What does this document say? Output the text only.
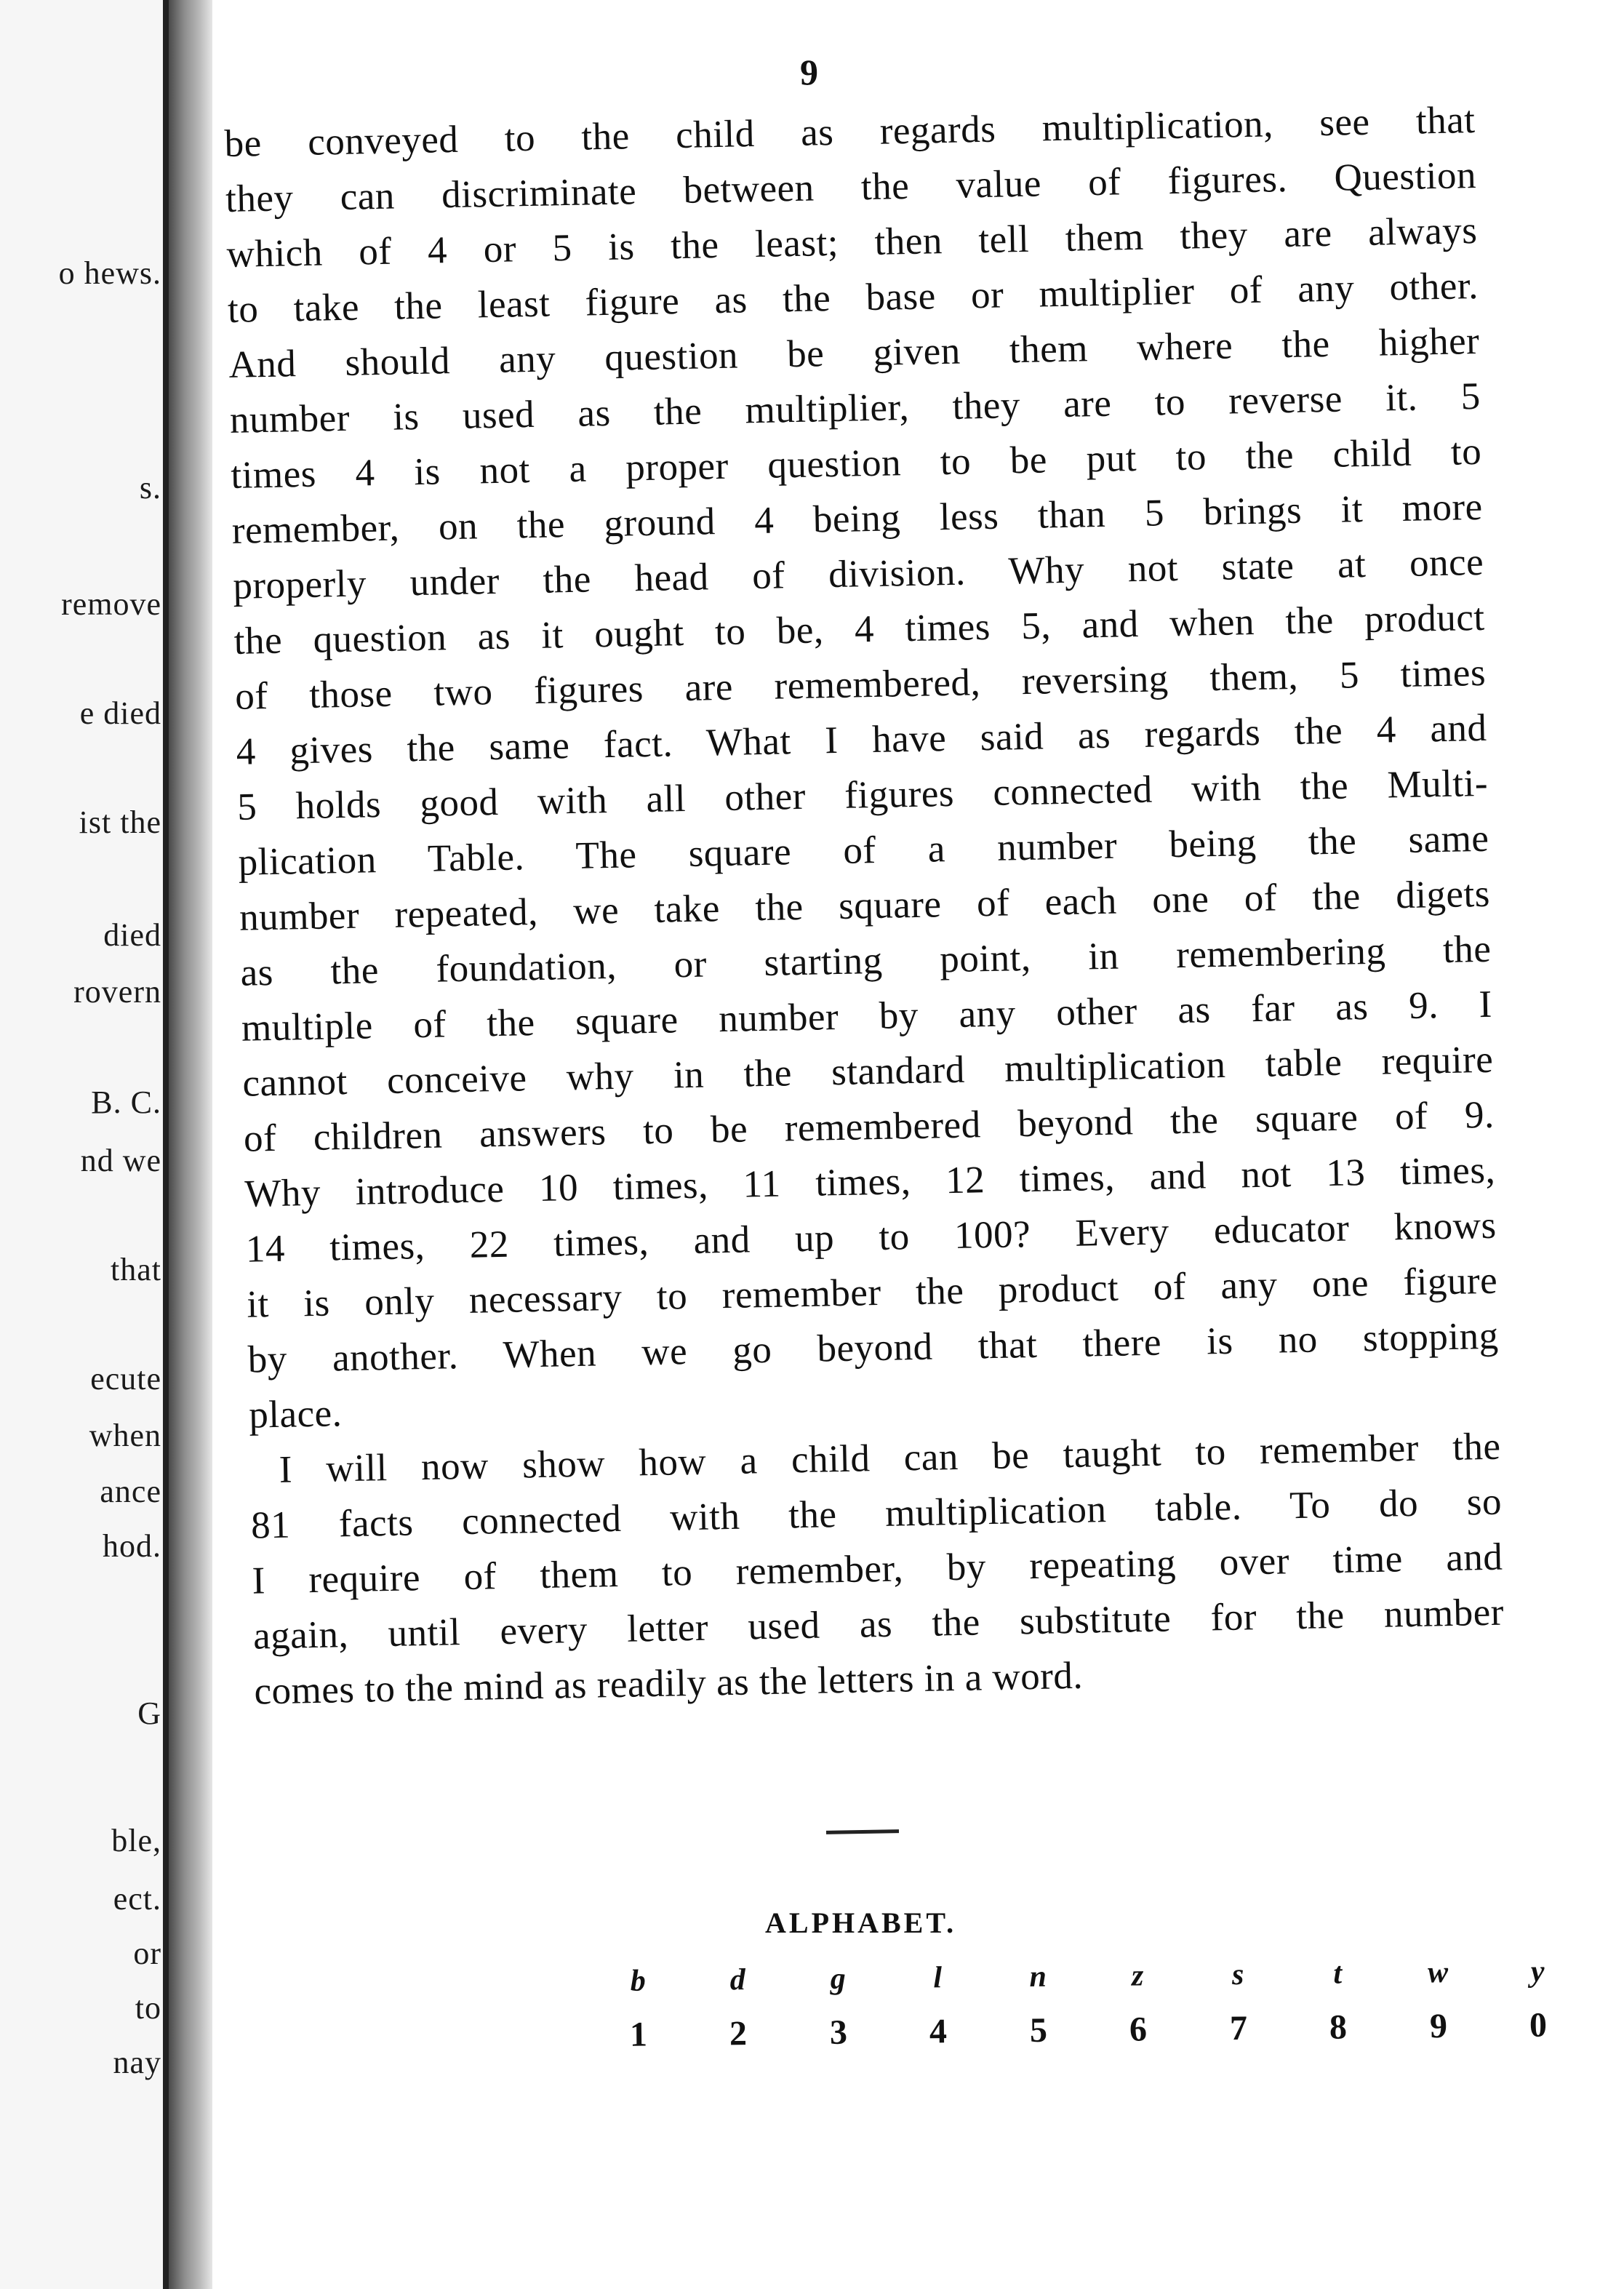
o hews.
s.
remove
e died
ist the
died
rovern
B. C.
nd we
that
ecute
when
ance
hod.
G
ble,
ect.
or
to
nay
9
be conveyed to the child as regards multiplication, see that
they can discriminate between the value of figures. Question
which of 4 or 5 is the least; then tell them they are always
to take the least figure as the base or multiplier of any other.
And should any question be given them where the higher
number is used as the multiplier, they are to reverse it. 5
times 4 is not a proper question to be put to the child to
remember, on the ground 4 being less than 5 brings it more
properly under the head of division. Why not state at once
the question as it ought to be, 4 times 5, and when the product
of those two figures are remembered, reversing them, 5 times
4 gives the same fact. What I have said as regards the 4 and
5 holds good with all other figures connected with the Multi-
plication Table. The square of a number being the same
number repeated, we take the square of each one of the digets
as the foundation, or starting point, in remembering the
multiple of the square number by any other as far as 9. I
cannot conceive why in the standard multiplication table require
of children answers to be remembered beyond the square of 9.
Why introduce 10 times, 11 times, 12 times, and not 13 times,
14 times, 22 times, and up to 100? Every educator knows
it is only necessary to remember the product of any one figure
by another. When we go beyond that there is no stopping
place.
I will now show how a child can be taught to remember the
81 facts connected with the multiplication table. To do so
I require of them to remember, by repeating over time and
again, until every letter used as the substitute for the number
comes to the mind as readily as the letters in a word.
ALPHABET.
b
1
d
2
g
3
l
4
n
5
z
6
s
7
t
8
w
9
y
0
